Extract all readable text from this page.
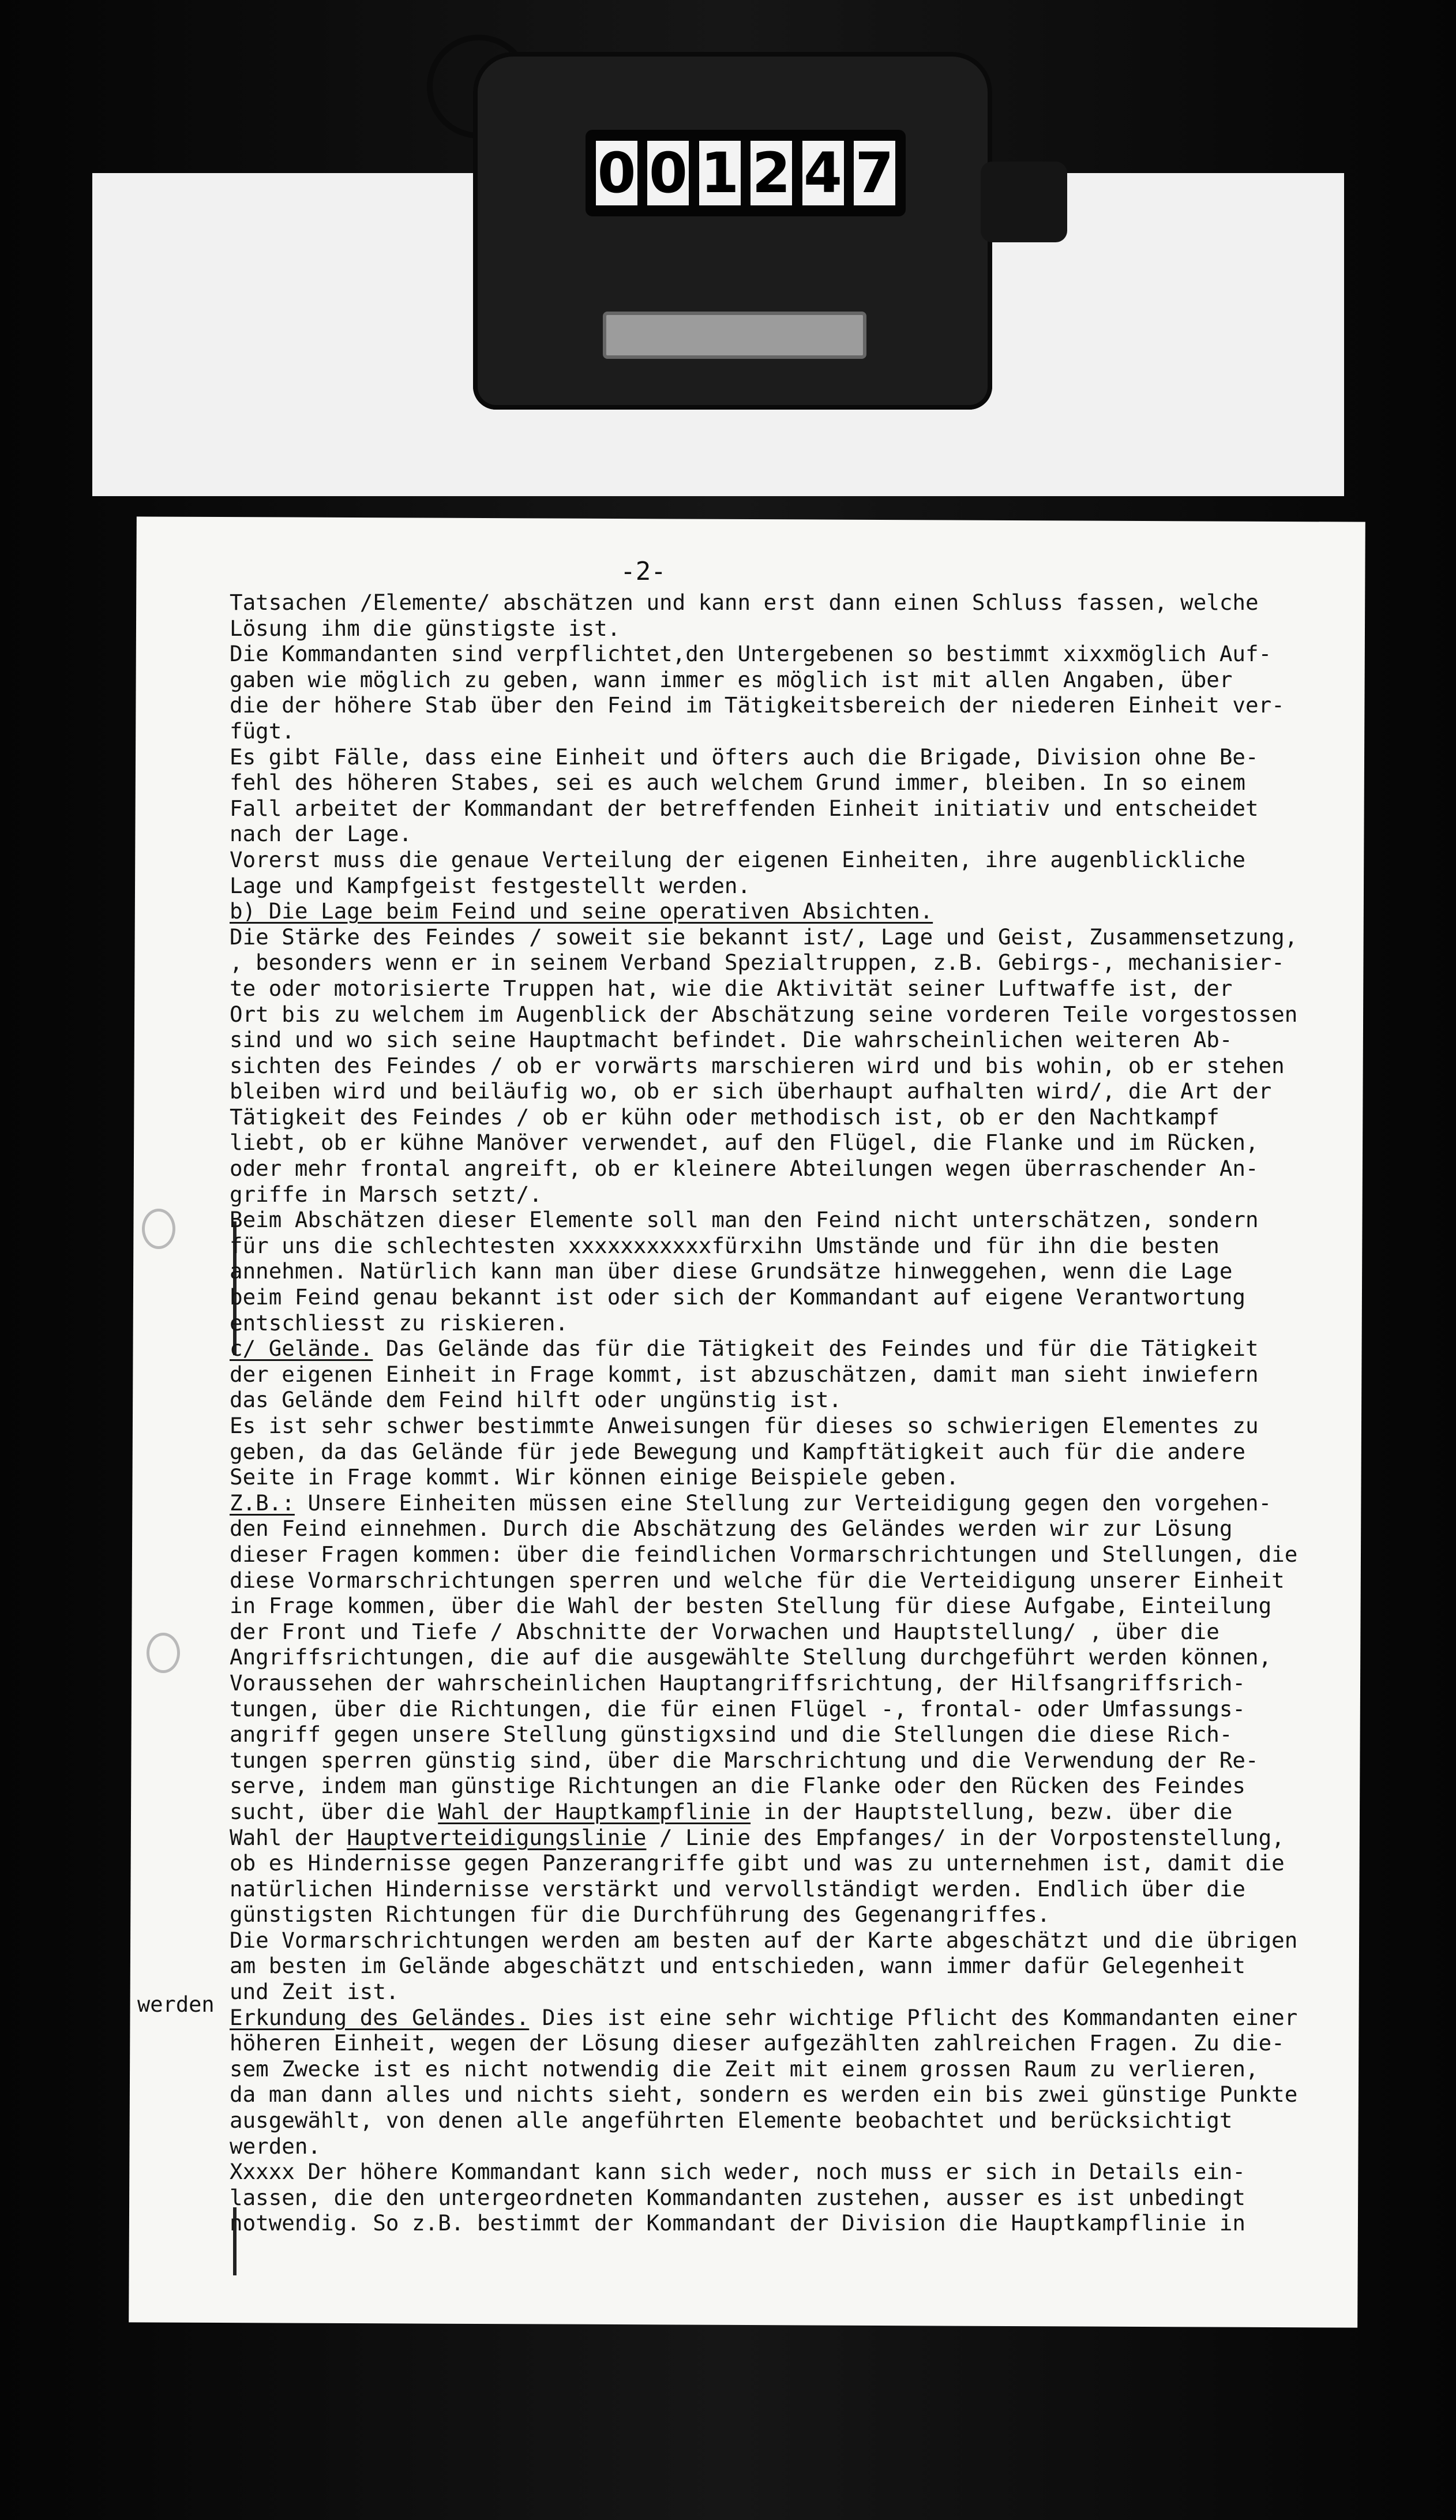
0 0 1 2 4 7
-2-
Tatsachen /Elemente/ abschätzen und kann erst dann einen Schluss fassen, welche
Lösung ihm die günstigste ist.
Die Kommandanten sind verpflichtet,den Untergebenen so bestimmt xixxmöglich Auf-
gaben wie möglich zu geben, wann immer es möglich ist mit allen Angaben, über
die der höhere Stab über den Feind im Tätigkeitsbereich der niederen Einheit ver-
fügt.
Es gibt Fälle, dass eine Einheit und öfters auch die Brigade, Division ohne Be-
fehl des höheren Stabes, sei es auch welchem Grund immer, bleiben. In so einem
Fall arbeitet der Kommandant der betreffenden Einheit initiativ und entscheidet
nach der Lage.
Vorerst muss die genaue Verteilung der eigenen Einheiten, ihre augenblickliche
Lage und Kampfgeist festgestellt werden.
b) Die Lage beim Feind und seine operativen Absichten.
Die Stärke des Feindes / soweit sie bekannt ist/, Lage und Geist, Zusammensetzung,
, besonders wenn er in seinem Verband Spezialtruppen, z.B. Gebirgs-, mechanisier-
te oder motorisierte Truppen hat, wie die Aktivität seiner Luftwaffe ist, der
Ort bis zu welchem im Augenblick der Abschätzung seine vorderen Teile vorgestossen
sind und wo sich seine Hauptmacht befindet. Die wahrscheinlichen weiteren Ab-
sichten des Feindes / ob er vorwärts marschieren wird und bis wohin, ob er stehen
bleiben wird und beiläufig wo, ob er sich überhaupt aufhalten wird/, die Art der
Tätigkeit des Feindes / ob er kühn oder methodisch ist, ob er den Nachtkampf
liebt, ob er kühne Manöver verwendet, auf den Flügel, die Flanke und im Rücken,
oder mehr frontal angreift, ob er kleinere Abteilungen wegen überraschender An-
griffe in Marsch setzt/.
Beim Abschätzen dieser Elemente soll man den Feind nicht unterschätzen, sondern
für uns die schlechtesten xxxxxxxxxxxfürxihn Umstände und für ihn die besten
annehmen. Natürlich kann man über diese Grundsätze hinweggehen, wenn die Lage
beim Feind genau bekannt ist oder sich der Kommandant auf eigene Verantwortung
entschliesst zu riskieren.
c/ Gelände. Das Gelände das für die Tätigkeit des Feindes und für die Tätigkeit
der eigenen Einheit in Frage kommt, ist abzuschätzen, damit man sieht inwiefern
das Gelände dem Feind hilft oder ungünstig ist.
Es ist sehr schwer bestimmte Anweisungen für dieses so schwierigen Elementes zu
geben, da das Gelände für jede Bewegung und Kampftätigkeit auch für die andere
Seite in Frage kommt. Wir können einige Beispiele geben.
Z.B.: Unsere Einheiten müssen eine Stellung zur Verteidigung gegen den vorgehen-
den Feind einnehmen. Durch die Abschätzung des Geländes werden wir zur Lösung
dieser Fragen kommen: über die feindlichen Vormarschrichtungen und Stellungen, die
diese Vormarschrichtungen sperren und welche für die Verteidigung unserer Einheit
in Frage kommen, über die Wahl der besten Stellung für diese Aufgabe, Einteilung
der Front und Tiefe / Abschnitte der Vorwachen und Hauptstellung/ , über die
Angriffsrichtungen, die auf die ausgewählte Stellung durchgeführt werden können,
Voraussehen der wahrscheinlichen Hauptangriffsrichtung, der Hilfsangriffsrich-
tungen, über die Richtungen, die für einen Flügel -, frontal- oder Umfassungs-
angriff gegen unsere Stellung günstigxsind und die Stellungen die diese Rich-
tungen sperren günstig sind, über die Marschrichtung und die Verwendung der Re-
serve, indem man günstige Richtungen an die Flanke oder den Rücken des Feindes
sucht, über die Wahl der Hauptkampflinie in der Hauptstellung, bezw. über die
Wahl der Hauptverteidigungslinie / Linie des Empfanges/ in der Vorpostenstellung,
ob es Hindernisse gegen Panzerangriffe gibt und was zu unternehmen ist, damit die
natürlichen Hindernisse verstärkt und vervollständigt werden. Endlich über die
günstigsten Richtungen für die Durchführung des Gegenangriffes.
Die Vormarschrichtungen werden am besten auf der Karte abgeschätzt und die übrigen
am besten im Gelände abgeschätzt und entschieden, wann immer dafür Gelegenheit
und Zeit ist.
Erkundung des Geländes. Dies ist eine sehr wichtige Pflicht des Kommandanten einer
höheren Einheit, wegen der Lösung dieser aufgezählten zahlreichen Fragen. Zu die-
sem Zwecke ist es nicht notwendig die Zeit mit einem grossen Raum zu verlieren,
da man dann alles und nichts sieht, sondern es werden ein bis zwei günstige Punkte
ausgewählt, von denen alle angeführten Elemente beobachtet und berücksichtigt
werden.
Xxxxx Der höhere Kommandant kann sich weder, noch muss er sich in Details ein-
lassen, die den untergeordneten Kommandanten zustehen, ausser es ist unbedingt
notwendig. So z.B. bestimmt der Kommandant der Division die Hauptkampflinie in
werden
